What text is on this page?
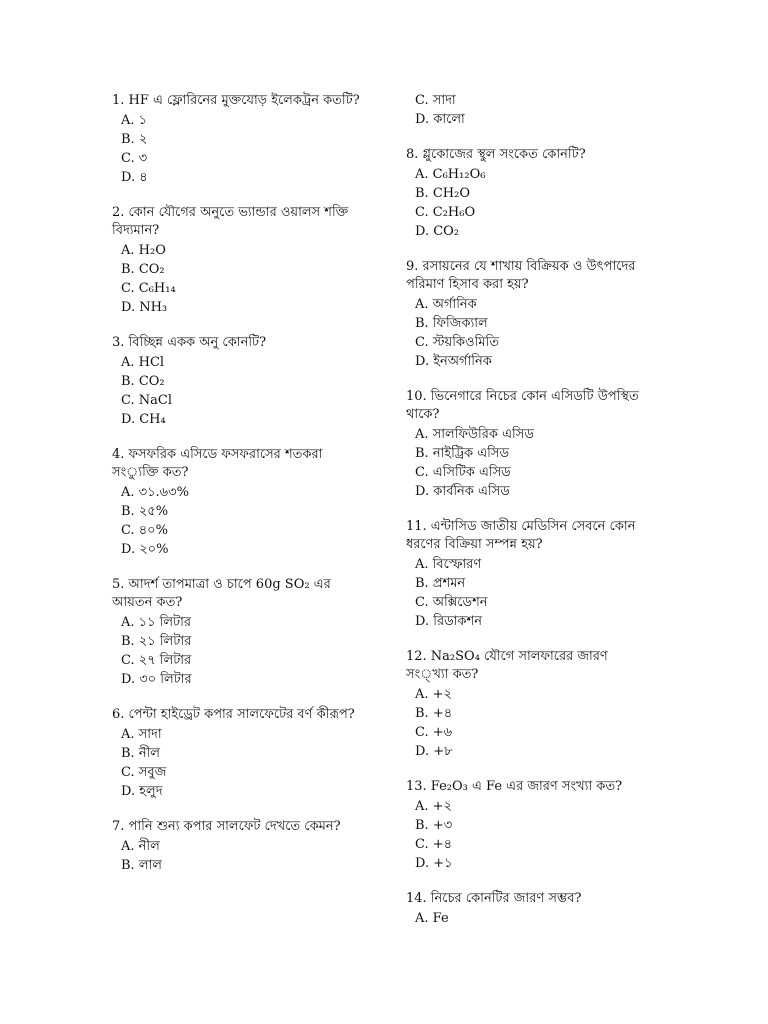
1. HF এ ফ্লোরিনের মুক্তযোড় ইলেকট্রন কতটি?

A. ১
B. ২
C. ৩
D. ৪

2. কোন যৌগের অনুতে ভ্যান্ডার ওয়ালস শক্তি বিদ্যমান?

A. H₂O
B. CO₂
C. C₆H₁₄
D. NH₃

3. বিচ্ছিন্ন একক অনু কোনটি?

A. HCl
B. CO₂
C. NaCl
D. CH₄

4. ফসফরিক এসিডে ফসফরাসের শতকরা সং্যুক্তি কত?

A. ৩১.৬৩%
B. ২৫%
C. ৪০%
D. ২০%

5. আদর্শ তাপমাত্রা ও চাপে 60g SO₂ এর আয়তন কত?

A. ১১ লিটার
B. ২১ লিটার
C. ২৭ লিটার
D. ৩০ লিটার

6. পেন্টা হাইড্রেট কপার সালফেটের বর্ণ কীরূপ?

A. সাদা
B. নীল
C. সবুজ
D. হলুদ

7. পানি শুন্য কপার সালফেট দেখতে কেমন?

A. নীল
B. লাল
C. সাদা
D. কালো

8. গ্লুকোজের স্থুল সংকেত কোনটি?

A. C₆H₁₂O₆
B. CH₂O
C. C₂H₆O
D. CO₂

9. রসায়নের যে শাখায় বিক্রিয়ক ও উৎপাদের পরিমাণ হিসাব করা হয়?

A. অর্গানিক
B. ফিজিক্যাল
C. স্টয়কিওমিতি
D. ইনঅর্গানিক

10. ভিনেগারে নিচের কোন এসিডটি উপস্থিত থাকে?

A. সালফিউরিক এসিড
B. নাইট্রিক এসিড
C. এসিটিক এসিড
D. কার্বনিক এসিড

11. এন্টাসিড জাতীয় মেডিসিন সেবনে কোন ধরণের বিক্রিয়া সম্পন্ন হয়?

A. বিস্ফোরণ
B. প্রশমন
C. অক্সিডেশন
D. রিডাকশন

12. Na₂SO₄ যৌগে সালফারের জারণ সং্খ্যা কত?

A. +২
B. +৪
C. +৬
D. +৮

13. Fe₂O₃ এ Fe এর জারণ সংখ্যা কত?

A. +২
B. +৩
C. +৪
D. +১

14. নিচের কোনটির জারণ সম্ভব?

A. Fe
